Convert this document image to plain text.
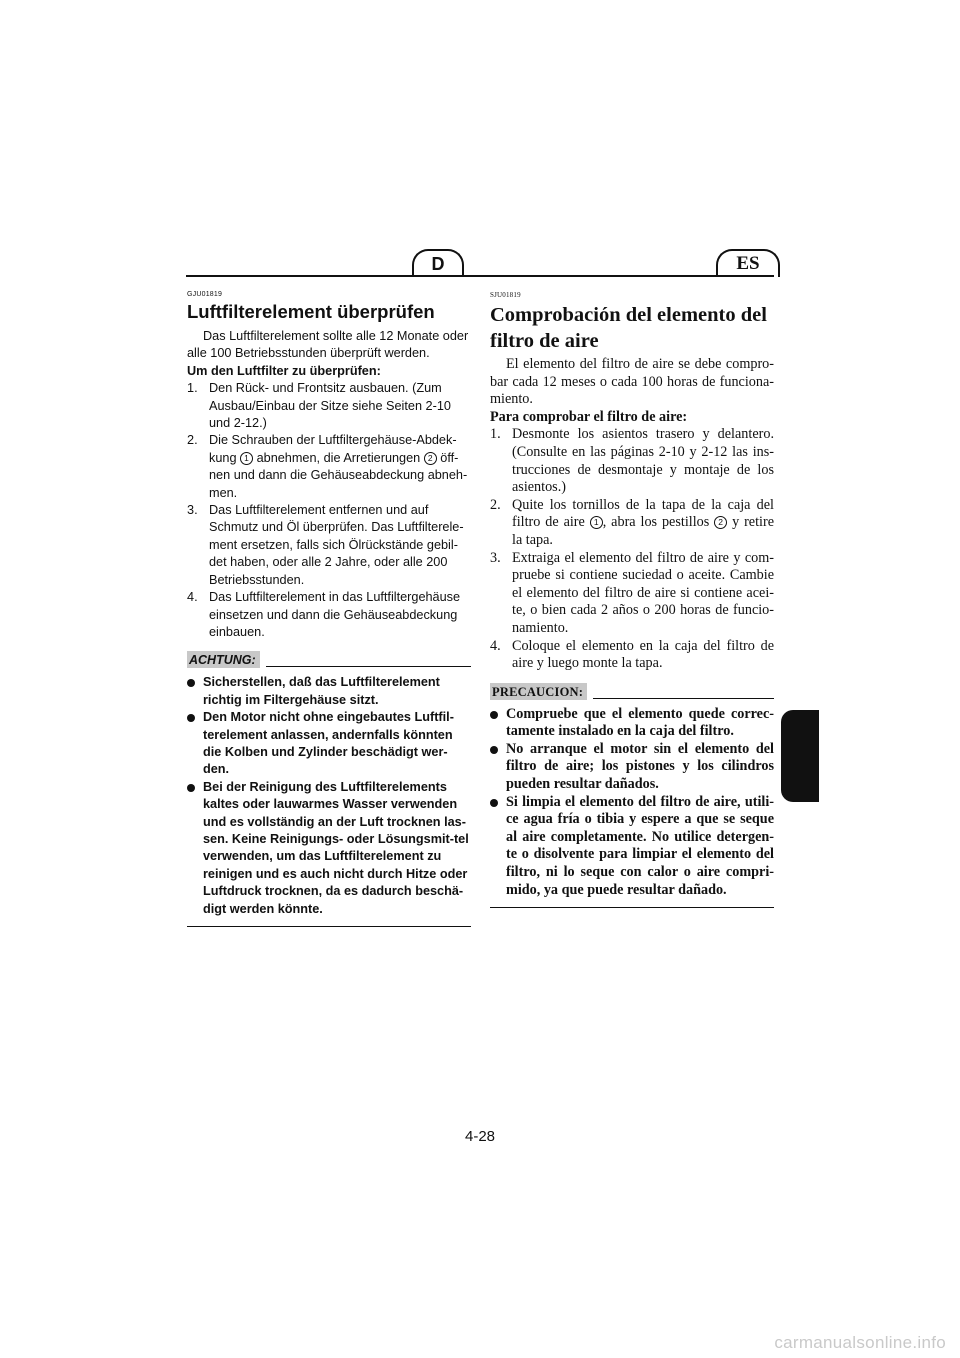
D	ES
GJU01819
Luftfilterelement überprüfen

Das Luftfilterelement sollte alle 12 Monate oder alle 100 Betriebsstunden überprüft werden.

Um den Luftfilter zu überprüfen:

1. Den Rück- und Frontsitz ausbauen. (Zum Ausbau/Einbau der Sitze siehe Seiten 2-10 und 2-12.)
2. Die Schrauben der Luftfiltergehäuse-Abdek-kung 1 abnehmen, die Arretierungen 2 öff-nen und dann die Gehäuseabdeckung abneh-men.
3. Das Luftfilterelement entfernen und auf Schmutz und Öl überprüfen. Das Luftfilterele-ment ersetzen, falls sich Ölrückstände gebil-det haben, oder alle 2 Jahre, oder alle 200 Betriebsstunden.
4. Das Luftfilterelement in das Luftfiltergehäuse einsetzen und dann die Gehäuseabdeckung einbauen.
ACHTUNG:
Sicherstellen, daß das Luftfilterelement richtig im Filtergehäuse sitzt.
Den Motor nicht ohne eingebautes Luftfil-terelement anlassen, andernfalls könnten die Kolben und Zylinder beschädigt wer-den.
Bei der Reinigung des Luftfilterelements kaltes oder lauwarmes Wasser verwenden und es vollständig an der Luft trocknen las-sen. Keine Reinigungs- oder Lösungsmit-tel verwenden, um das Luftfilterelement zu reinigen und es auch nicht durch Hitze oder Luftdruck trocknen, da es dadurch beschä-digt werden könnte.
SJU01819
Comprobación del elemento del filtro de aire

El elemento del filtro de aire se debe compro-bar cada 12 meses o cada 100 horas de funciona-miento.

Para comprobar el filtro de aire:

1. Desmonte los asientos trasero y delantero. (Consulte en las páginas 2-10 y 2-12 las ins-trucciones de desmontaje y montaje de los asientos.)
2. Quite los tornillos de la tapa de la caja del filtro de aire 1 , abra los pestillos 2 y retire la tapa.
3. Extraiga el elemento del filtro de aire y com-pruebe si contiene suciedad o aceite. Cambie el elemento del filtro de aire si contiene acei-te, o bien cada 2 años o 200 horas de funcio-namiento.
4. Coloque el elemento en la caja del filtro de aire y luego monte la tapa.
PRECAUCION:
Compruebe que el elemento quede correc-tamente instalado en la caja del filtro.
No arranque el motor sin el elemento del filtro de aire; los pistones y los cilindros pueden resultar dañados.
Si limpia el elemento del filtro de aire, utili-ce agua fría o tibia y espere a que se seque al aire completamente. No utilice detergen-te o disolvente para limpiar el elemento del filtro, ni lo seque con calor o aire compri-mido, ya que puede resultar dañado.
4-28
carmanualsonline.info
